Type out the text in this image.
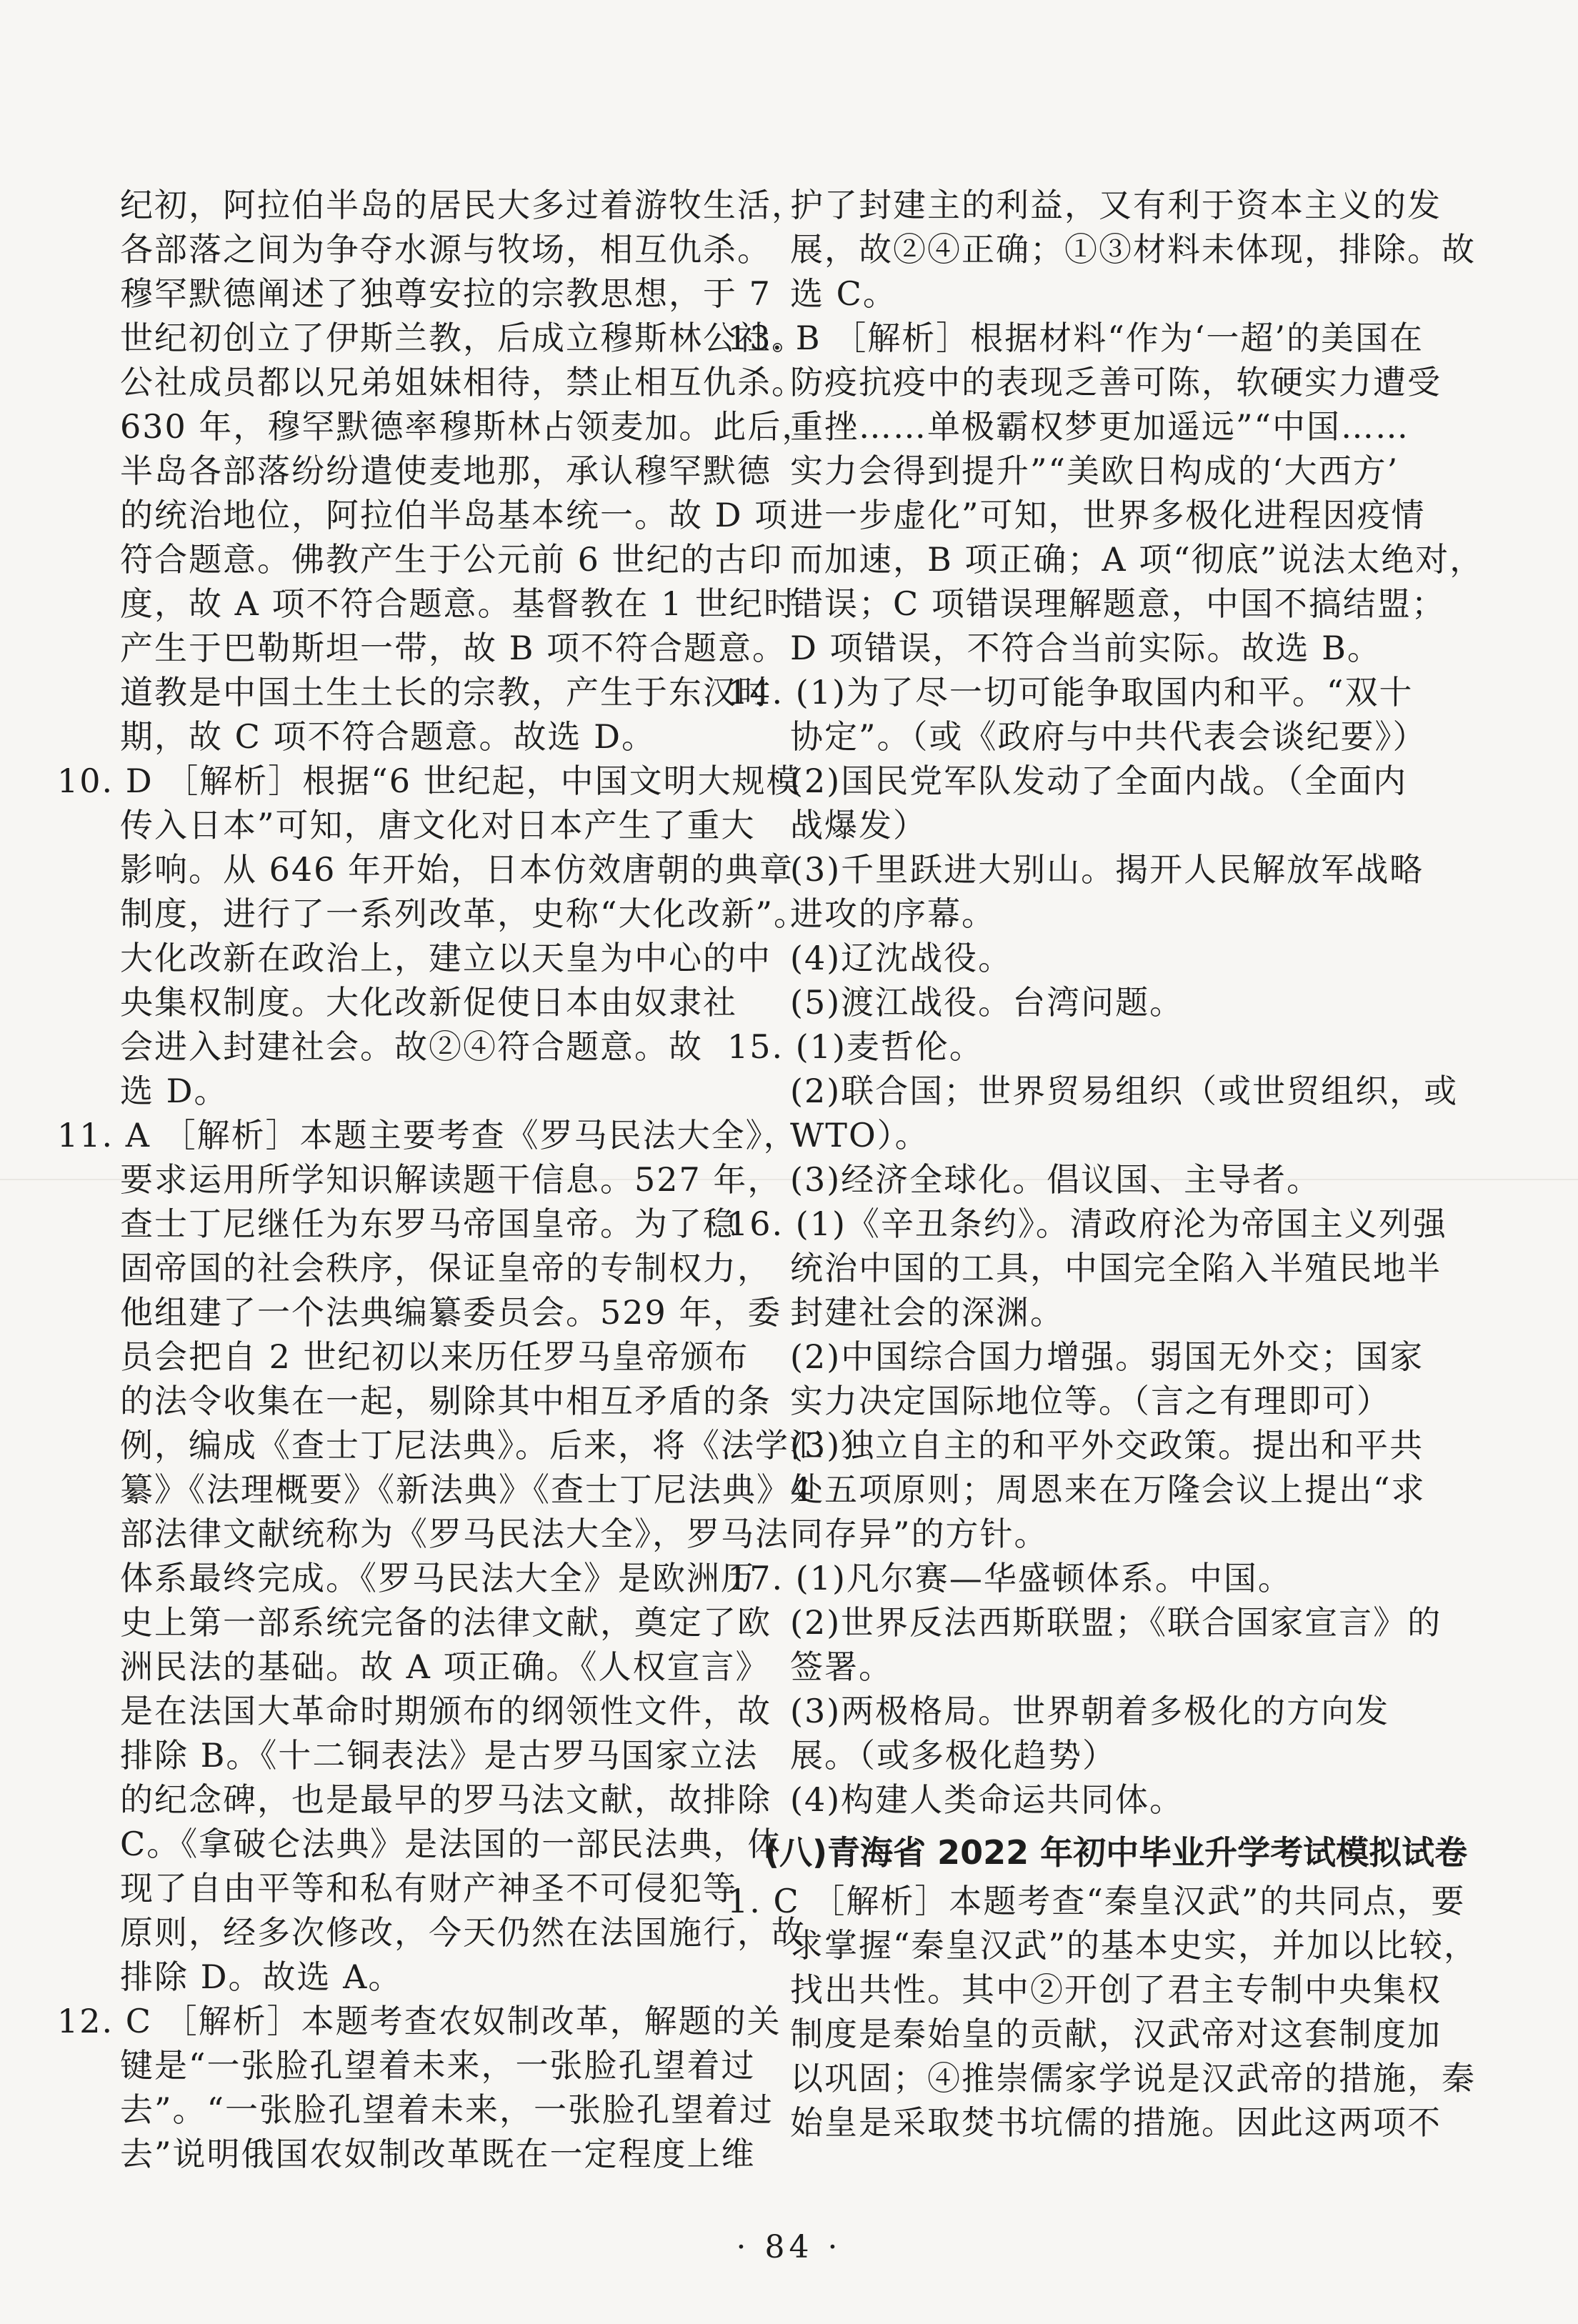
纪初，阿拉伯半岛的居民大多过着游牧生活，

各部落之间为争夺水源与牧场，相互仇杀。

穆罕默德阐述了独尊安拉的宗教思想，于 7

世纪初创立了伊斯兰教，后成立穆斯林公社。

公社成员都以兄弟姐妹相待，禁止相互仇杀。

630 年，穆罕默德率穆斯林占领麦加。此后，

半岛各部落纷纷遣使麦地那，承认穆罕默德

的统治地位，阿拉伯半岛基本统一。故 D 项

符合题意。佛教产生于公元前 6 世纪的古印

度，故 A 项不符合题意。基督教在 1 世纪时

产生于巴勒斯坦一带，故 B 项不符合题意。

道教是中国土生土长的宗教，产生于东汉时

期，故 C 项不符合题意。故选 D。

10. D ［解析］根据“6 世纪起，中国文明大规模

传入日本”可知，唐文化对日本产生了重大

影响。从 646 年开始，日本仿效唐朝的典章

制度，进行了一系列改革，史称“大化改新”。

大化改新在政治上，建立以天皇为中心的中

央集权制度。大化改新促使日本由奴隶社

会进入封建社会。故②④符合题意。故

选 D。

11. A ［解析］本题主要考查《罗马民法大全》，

要求运用所学知识解读题干信息。527 年，

查士丁尼继任为东罗马帝国皇帝。为了稳

固帝国的社会秩序，保证皇帝的专制权力，

他组建了一个法典编纂委员会。529 年，委

员会把自 2 世纪初以来历任罗马皇帝颁布

的法令收集在一起，剔除其中相互矛盾的条

例，编成《查士丁尼法典》。后来，将《法学汇

纂》《法理概要》《新法典》《查士丁尼法典》4

部法律文献统称为《罗马民法大全》，罗马法

体系最终完成。《罗马民法大全》是欧洲历

史上第一部系统完备的法律文献，奠定了欧

洲民法的基础。故 A 项正确。《人权宣言》

是在法国大革命时期颁布的纲领性文件，故

排除 B。《十二铜表法》是古罗马国家立法

的纪念碑，也是最早的罗马法文献，故排除

C。《拿破仑法典》是法国的一部民法典，体

现了自由平等和私有财产神圣不可侵犯等

原则，经多次修改，今天仍然在法国施行，故

排除 D。故选 A。

12. C ［解析］本题考查农奴制改革，解题的关

键是“一张脸孔望着未来，一张脸孔望着过

去”。“一张脸孔望着未来，一张脸孔望着过

去”说明俄国农奴制改革既在一定程度上维

护了封建主的利益，又有利于资本主义的发

展，故②④正确；①③材料未体现，排除。故

选 C。

13. B ［解析］根据材料“作为‘一超’的美国在

防疫抗疫中的表现乏善可陈，软硬实力遭受

重挫……单极霸权梦更加遥远”“中国……

实力会得到提升”“美欧日构成的‘大西方’

进一步虚化”可知，世界多极化进程因疫情

而加速，B 项正确；A 项“彻底”说法太绝对，

错误；C 项错误理解题意，中国不搞结盟；

D 项错误，不符合当前实际。故选 B。

14. (1)为了尽一切可能争取国内和平。“双十

协定”。（或《政府与中共代表会谈纪要》）

(2)国民党军队发动了全面内战。（全面内

战爆发）

(3)千里跃进大别山。揭开人民解放军战略

进攻的序幕。

(4)辽沈战役。

(5)渡江战役。台湾问题。

15. (1)麦哲伦。

(2)联合国；世界贸易组织（或世贸组织，或

WTO）。

(3)经济全球化。倡议国、主导者。

16. (1)《辛丑条约》。清政府沦为帝国主义列强

统治中国的工具，中国完全陷入半殖民地半

封建社会的深渊。

(2)中国综合国力增强。弱国无外交；国家

实力决定国际地位等。（言之有理即可）

(3)独立自主的和平外交政策。提出和平共

处五项原则；周恩来在万隆会议上提出“求

同存异”的方针。

17. (1)凡尔赛—华盛顿体系。中国。

(2)世界反法西斯联盟；《联合国家宣言》的

签署。

(3)两极格局。世界朝着多极化的方向发

展。（或多极化趋势）

(4)构建人类命运共同体。

(八)青海省 2022 年初中毕业升学考试模拟试卷

1. C ［解析］本题考查“秦皇汉武”的共同点，要

求掌握“秦皇汉武”的基本史实，并加以比较，

找出共性。其中②开创了君主专制中央集权

制度是秦始皇的贡献，汉武帝对这套制度加

以巩固；④推崇儒家学说是汉武帝的措施，秦

始皇是采取焚书坑儒的措施。因此这两项不

· 84 ·
